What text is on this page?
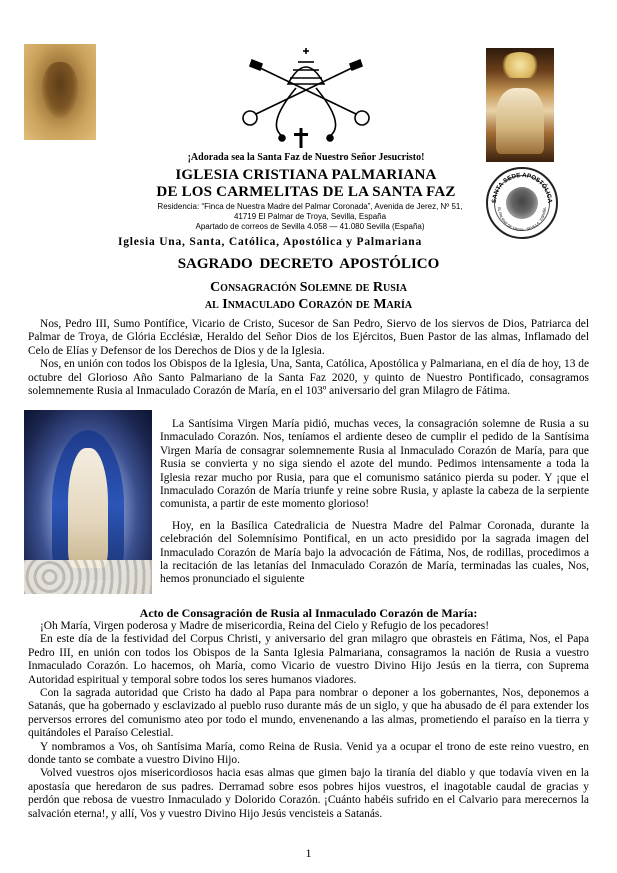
SANTA SEDE APOSTÓLICA
EL PALMAR DE TROYA · SEVILLA · ESPAÑA
¡Adorada sea la Santa Faz de Nuestro Señor Jesucristo!
IGLESIA CRISTIANA PALMARIANA
DE LOS CARMELITAS DE LA SANTA FAZ
Residencia: “Finca de Nuestra Madre del Palmar Coronada”, Avenida de Jerez, Nº 51,
41719 El Palmar de Troya, Sevilla, España
Apartado de correos de Sevilla 4.058 — 41.080 Sevilla (España)
Iglesia Una, Santa, Católica, Apostólica y Palmariana
SAGRADO DECRETO APOSTÓLICO
Consagración Solemne de Rusia
al Inmaculado Corazón de María

Nos, Pedro III, Sumo Pontífice, Vicario de Cristo, Sucesor de San Pedro, Siervo de los siervos de Dios, Patriarca del Palmar de Troya, de Glória Ecclésiæ, Heraldo del Señor Dios de los Ejércitos, Buen Pastor de las almas, Inflamado del Celo de Elías y Defensor de los Derechos de Dios y de la Iglesia.

Nos, en unión con todos los Obispos de la Iglesia, Una, Santa, Católica, Apostólica y Palmariana, en el día de hoy, 13 de octubre del Glorioso Año Santo Palmariano de la Santa Faz 2020, y quinto de Nuestro Pontificado, consagramos solemnemente Rusia al Inmaculado Corazón de María, en el 103º aniversario del gran Milagro de Fátima.

La Santísima Virgen María pidió, muchas veces, la consagración solemne de Rusia a su Inmaculado Corazón. Nos, teníamos el ardiente deseo de cumplir el pedido de la Santísima Virgen María de consagrar solemnemente Rusia al Inmaculado Corazón de María, para que Rusia se convierta y no siga siendo el azote del mundo. Pedimos intensamente a toda la Iglesia rezar mucho por Rusia, para que el comunismo satánico pierda su poder. Y ¡que el Inmaculado Corazón de María triunfe y reine sobre Rusia, y aplaste la cabeza de la serpiente comunista, a partir de este momento glorioso!

Hoy, en la Basílica Catedralicia de Nuestra Madre del Palmar Coronada, durante la celebración del Solemnísimo Pontifical, en un acto presidido por la sagrada imagen del Inmaculado Corazón de María bajo la advocación de Fátima, Nos, de rodillas, procedimos a la recitación de las letanías del Inmaculado Corazón de María, terminadas las cuales, Nos, hemos pronunciado el siguiente

Acto de Consagración de Rusia al Inmaculado Corazón de María:

¡Oh María, Virgen poderosa y Madre de misericordia, Reina del Cielo y Refugio de los pecadores!

En este día de la festividad del Corpus Christi, y aniversario del gran milagro que obrasteis en Fátima, Nos, el Papa Pedro III, en unión con todos los Obispos de la Santa Iglesia Palmariana, consagramos la nación de Rusia a vuestro Inmaculado Corazón. Lo hacemos, oh María, como Vicario de vuestro Divino Hijo Jesús en la tierra, con Suprema Autoridad espiritual y temporal sobre todos los seres humanos viadores.

Con la sagrada autoridad que Cristo ha dado al Papa para nombrar o deponer a los gobernantes, Nos, deponemos a Satanás, que ha gobernado y esclavizado al pueblo ruso durante más de un siglo, y que ha abusado de él para extender los perversos errores del comunismo ateo por todo el mundo, envenenando a las almas, prometiendo el paraíso en la tierra y quitándoles el Paraíso Celestial.

Y nombramos a Vos, oh Santísima María, como Reina de Rusia. Venid ya a ocupar el trono de este reino vuestro, en donde tanto se combate a vuestro Divino Hijo.

Volved vuestros ojos misericordiosos hacia esas almas que gimen bajo la tiranía del diablo y que todavía viven en la apostasía que heredaron de sus padres. Derramad sobre esos pobres hijos vuestros, el inagotable caudal de gracias y perdón que rebosa de vuestro Inmaculado y Dolorido Corazón. ¡Cuánto habéis sufrido en el Calvario para merecernos la salvación eterna!, y allí, Vos y vuestro Divino Hijo Jesús vencisteis a Satanás.

1
